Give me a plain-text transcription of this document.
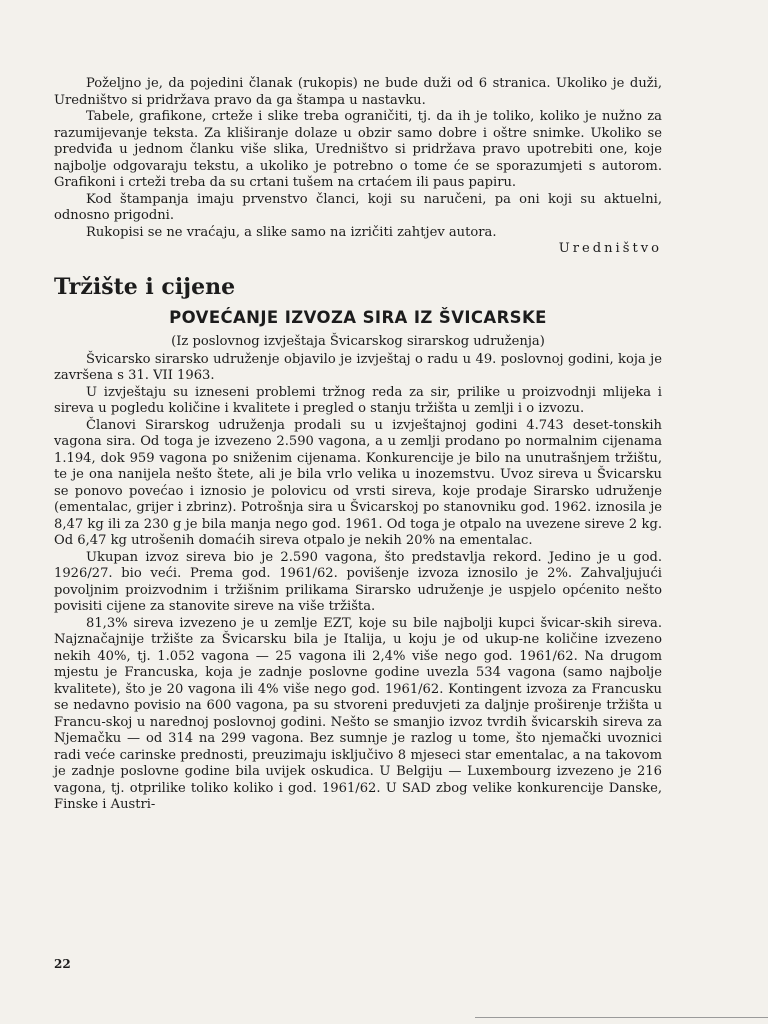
Poželjno je, da pojedini članak (rukopis) ne bude duži od 6 stranica. Ukoliko je duži, Uredništvo si pridržava pravo da ga štampa u nastavku.

Tabele, grafikone, crteže i slike treba ograničiti, tj. da ih je toliko, koliko je nužno za razumijevanje teksta. Za kliširanje dolaze u obzir samo dobre i oštre snimke. Ukoliko se predviđa u jednom članku više slika, Uredništvo si pridržava pravo upotrebiti one, koje najbolje odgovaraju tekstu, a ukoliko je potrebno o tome će se sporazumjeti s autorom. Grafikoni i crteži treba da su crtani tušem na crtaćem ili paus papiru.

Kod štampanja imaju prvenstvo članci, koji su naručeni, pa oni koji su aktuelni, odnosno prigodni.

Rukopisi se ne vraćaju, a slike samo na izričiti zahtjev autora.

Uredništvo
Tržište i cijene
POVEĆANJE IZVOZA SIRA IZ ŠVICARSKE
(Iz poslovnog izvještaja Švicarskog sirarskog udruženja)

Švicarsko sirarsko udruženje objavilo je izvještaj o radu u 49. poslovnoj godini, koja je završena s 31. VII 1963.

U izvještaju su izneseni problemi tržnog reda za sir, prilike u proizvodnji mlijeka i sireva u pogledu količine i kvalitete i pregled o stanju tržišta u zemlji i o izvozu.

Članovi Sirarskog udruženja prodali su u izvještajnoj godini 4.743 deset-tonskih vagona sira. Od toga je izvezeno 2.590 vagona, a u zemlji prodano po normalnim cijenama 1.194, dok 959 vagona po sniženim cijenama. Konkurencije je bilo na unutrašnjem tržištu, te je ona nanijela nešto štete, ali je bila vrlo velika u inozemstvu. Uvoz sireva u Švicarsku se ponovo povećao i iznosio je polovicu od vrsti sireva, koje prodaje Sirarsko udruženje (ementalac, grijer i zbrinz). Potrošnja sira u Švicarskoj po stanovniku god. 1962. iznosila je 8,47 kg ili za 230 g je bila manja nego god. 1961. Od toga je otpalo na uvezene sireve 2 kg. Od 6,47 kg utrošenih domaćih sireva otpalo je nekih 20% na ementalac.

Ukupan izvoz sireva bio je 2.590 vagona, što predstavlja rekord. Jedino je u god. 1926/27. bio veći. Prema god. 1961/62. povišenje izvoza iznosilo je 2%. Zahvaljujući povoljnim proizvodnim i tržišnim prilikama Sirarsko udruženje je uspjelo općenito nešto povisiti cijene za stanovite sireve na više tržišta.

81,3% sireva izvezeno je u zemlje EZT, koje su bile najbolji kupci švicar-skih sireva. Najznačajnije tržište za Švicarsku bila je Italija, u koju je od ukup-ne količine izvezeno nekih 40%, tj. 1.052 vagona — 25 vagona ili 2,4% više nego god. 1961/62. Na drugom mjestu je Francuska, koja je zadnje poslovne godine uvezla 534 vagona (samo najbolje kvalitete), što je 20 vagona ili 4% više nego god. 1961/62. Kontingent izvoza za Francusku se nedavno povisio na 600 vagona, pa su stvoreni preduvjeti za daljnje proširenje tržišta u Francu-skoj u narednoj poslovnoj godini. Nešto se smanjio izvoz tvrdih švicarskih sireva za Njemačku — od 314 na 299 vagona. Bez sumnje je razlog u tome, što njemački uvoznici radi veće carinske prednosti, preuzimaju isključivo 8 mjeseci star ementalac, a na takovom je zadnje poslovne godine bila uvijek oskudica. U Belgiju — Luxembourg izvezeno je 216 vagona, tj. otprilike toliko koliko i god. 1961/62. U SAD zbog velike konkurencije Danske, Finske i Austri-

22
